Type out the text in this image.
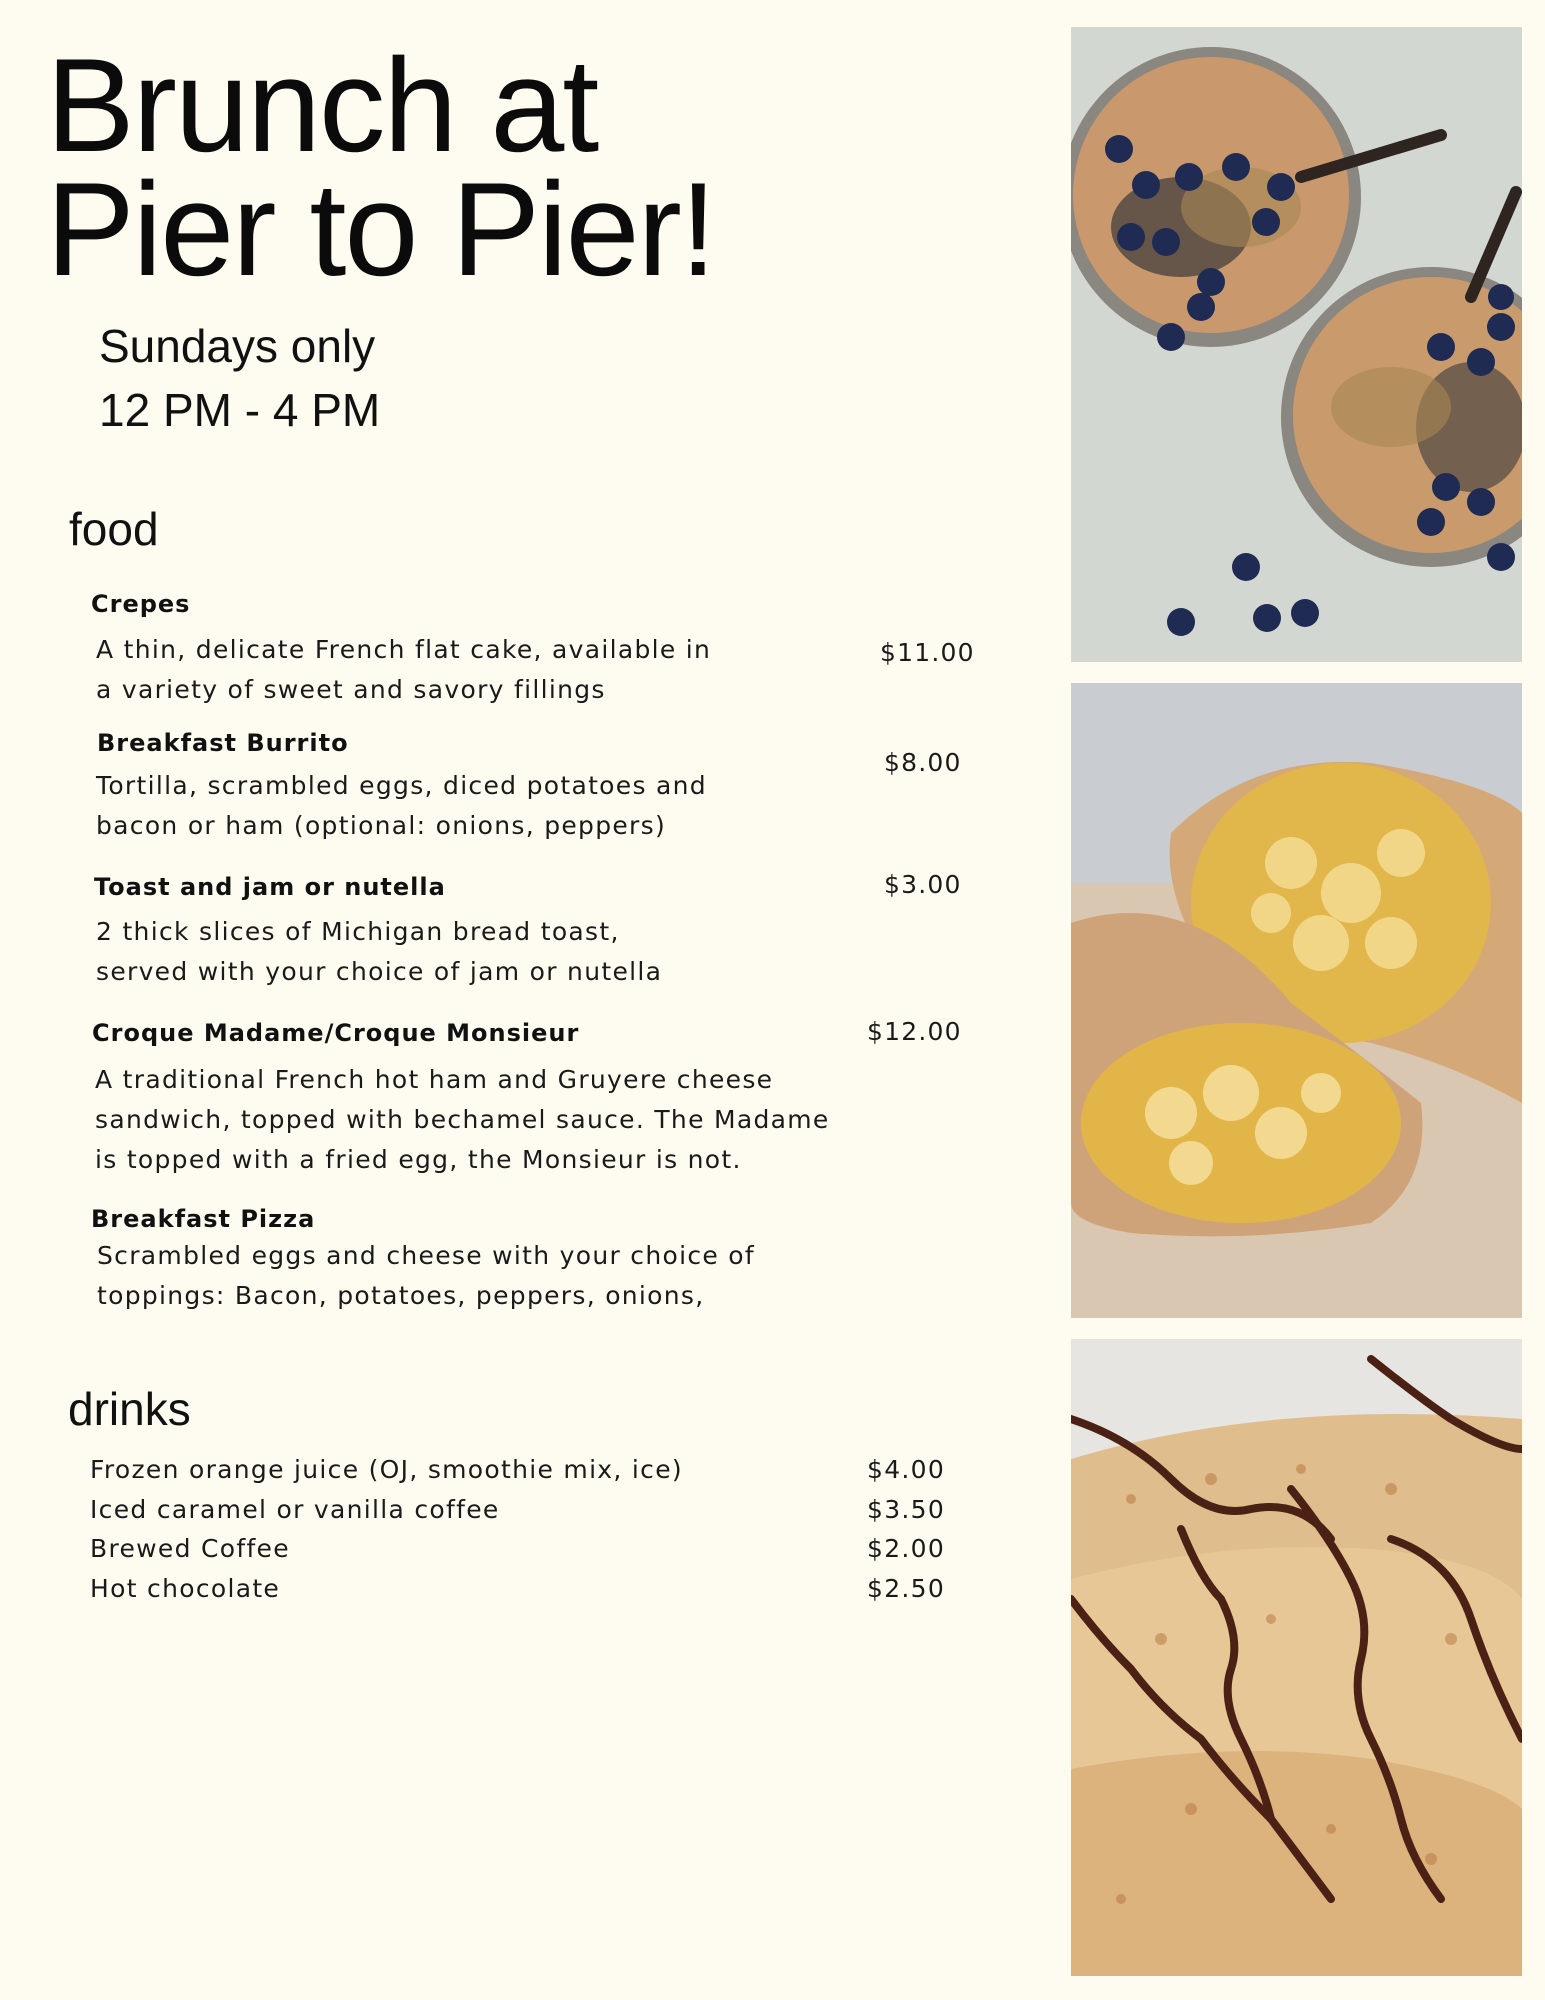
Brunch at
Pier to Pier!
Sundays only
12 PM - 4 PM
food
Crepes
A thin, delicate French flat cake, available in
a variety of sweet and savory fillings
$11.00
Breakfast Burrito
Tortilla, scrambled eggs, diced potatoes and
bacon or ham (optional: onions, peppers)
$8.00
Toast and jam or nutella
2 thick slices of Michigan bread toast,
served with your choice of jam or nutella
$3.00
Croque Madame/Croque Monsieur
A traditional French hot ham and Gruyere cheese
sandwich, topped with bechamel sauce. The Madame
is topped with a fried egg, the Monsieur is not.
$12.00
Breakfast Pizza
Scrambled eggs and cheese with your choice of
toppings: Bacon, potatoes, peppers, onions,
drinks
Frozen orange juice (OJ, smoothie mix, ice)
Iced caramel or vanilla coffee
Brewed Coffee
Hot chocolate
$4.00
$3.50
$2.00
$2.50
